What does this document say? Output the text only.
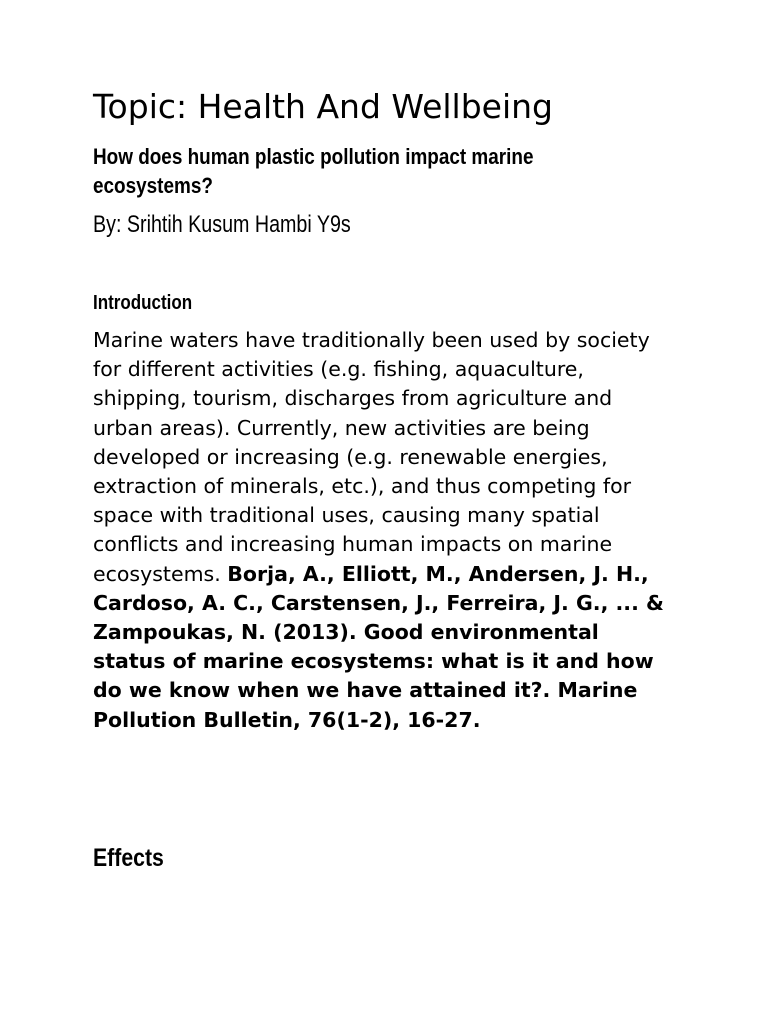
Topic: Health And Wellbeing
How does human plastic pollution impact marine ecosystems?

By: Srihtih Kusum Hambi Y9s

Introduction

Marine waters have traditionally been used by society for different activities (e.g. fishing, aquaculture, shipping, tourism, discharges from agriculture and urban areas). Currently, new activities are being developed or increasing (e.g. renewable energies, extraction of minerals, etc.), and thus competing for space with traditional uses, causing many spatial conflicts and increasing human impacts on marine ecosystems. Borja, A., Elliott, M., Andersen, J. H., Cardoso, A. C., Carstensen, J., Ferreira, J. G., ... & Zampoukas, N. (2013). Good environmental status of marine ecosystems: what is it and how do we know when we have attained it?. Marine Pollution Bulletin, 76(1-2), 16-27.

Effects
